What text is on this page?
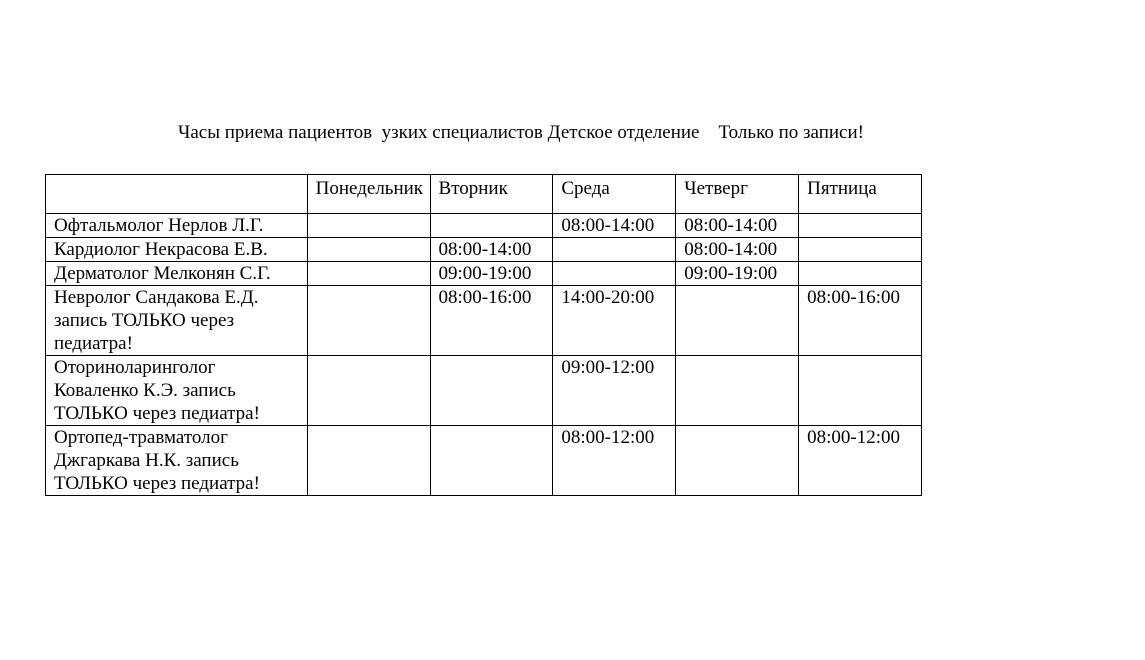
Часы приема пациентов  узких специалистов Детское отделение    Только по записи!
	Понедельник	Вторник	Среда	Четверг	Пятница
Офтальмолог Нерлов Л.Г.			08:00-14:00	08:00-14:00	
Кардиолог Некрасова Е.В.		08:00-14:00		08:00-14:00	
Дерматолог Мелконян С.Г.		09:00-19:00		09:00-19:00	
Невролог Сандакова Е.Д. запись ТОЛЬКО через педиатра!		08:00-16:00	14:00-20:00		08:00-16:00
Оториноларинголог Коваленко К.Э. запись ТОЛЬКО через педиатра!			09:00-12:00		
Ортопед-травматолог Джгаркава Н.К. запись ТОЛЬКО через педиатра!			08:00-12:00		08:00-12:00
